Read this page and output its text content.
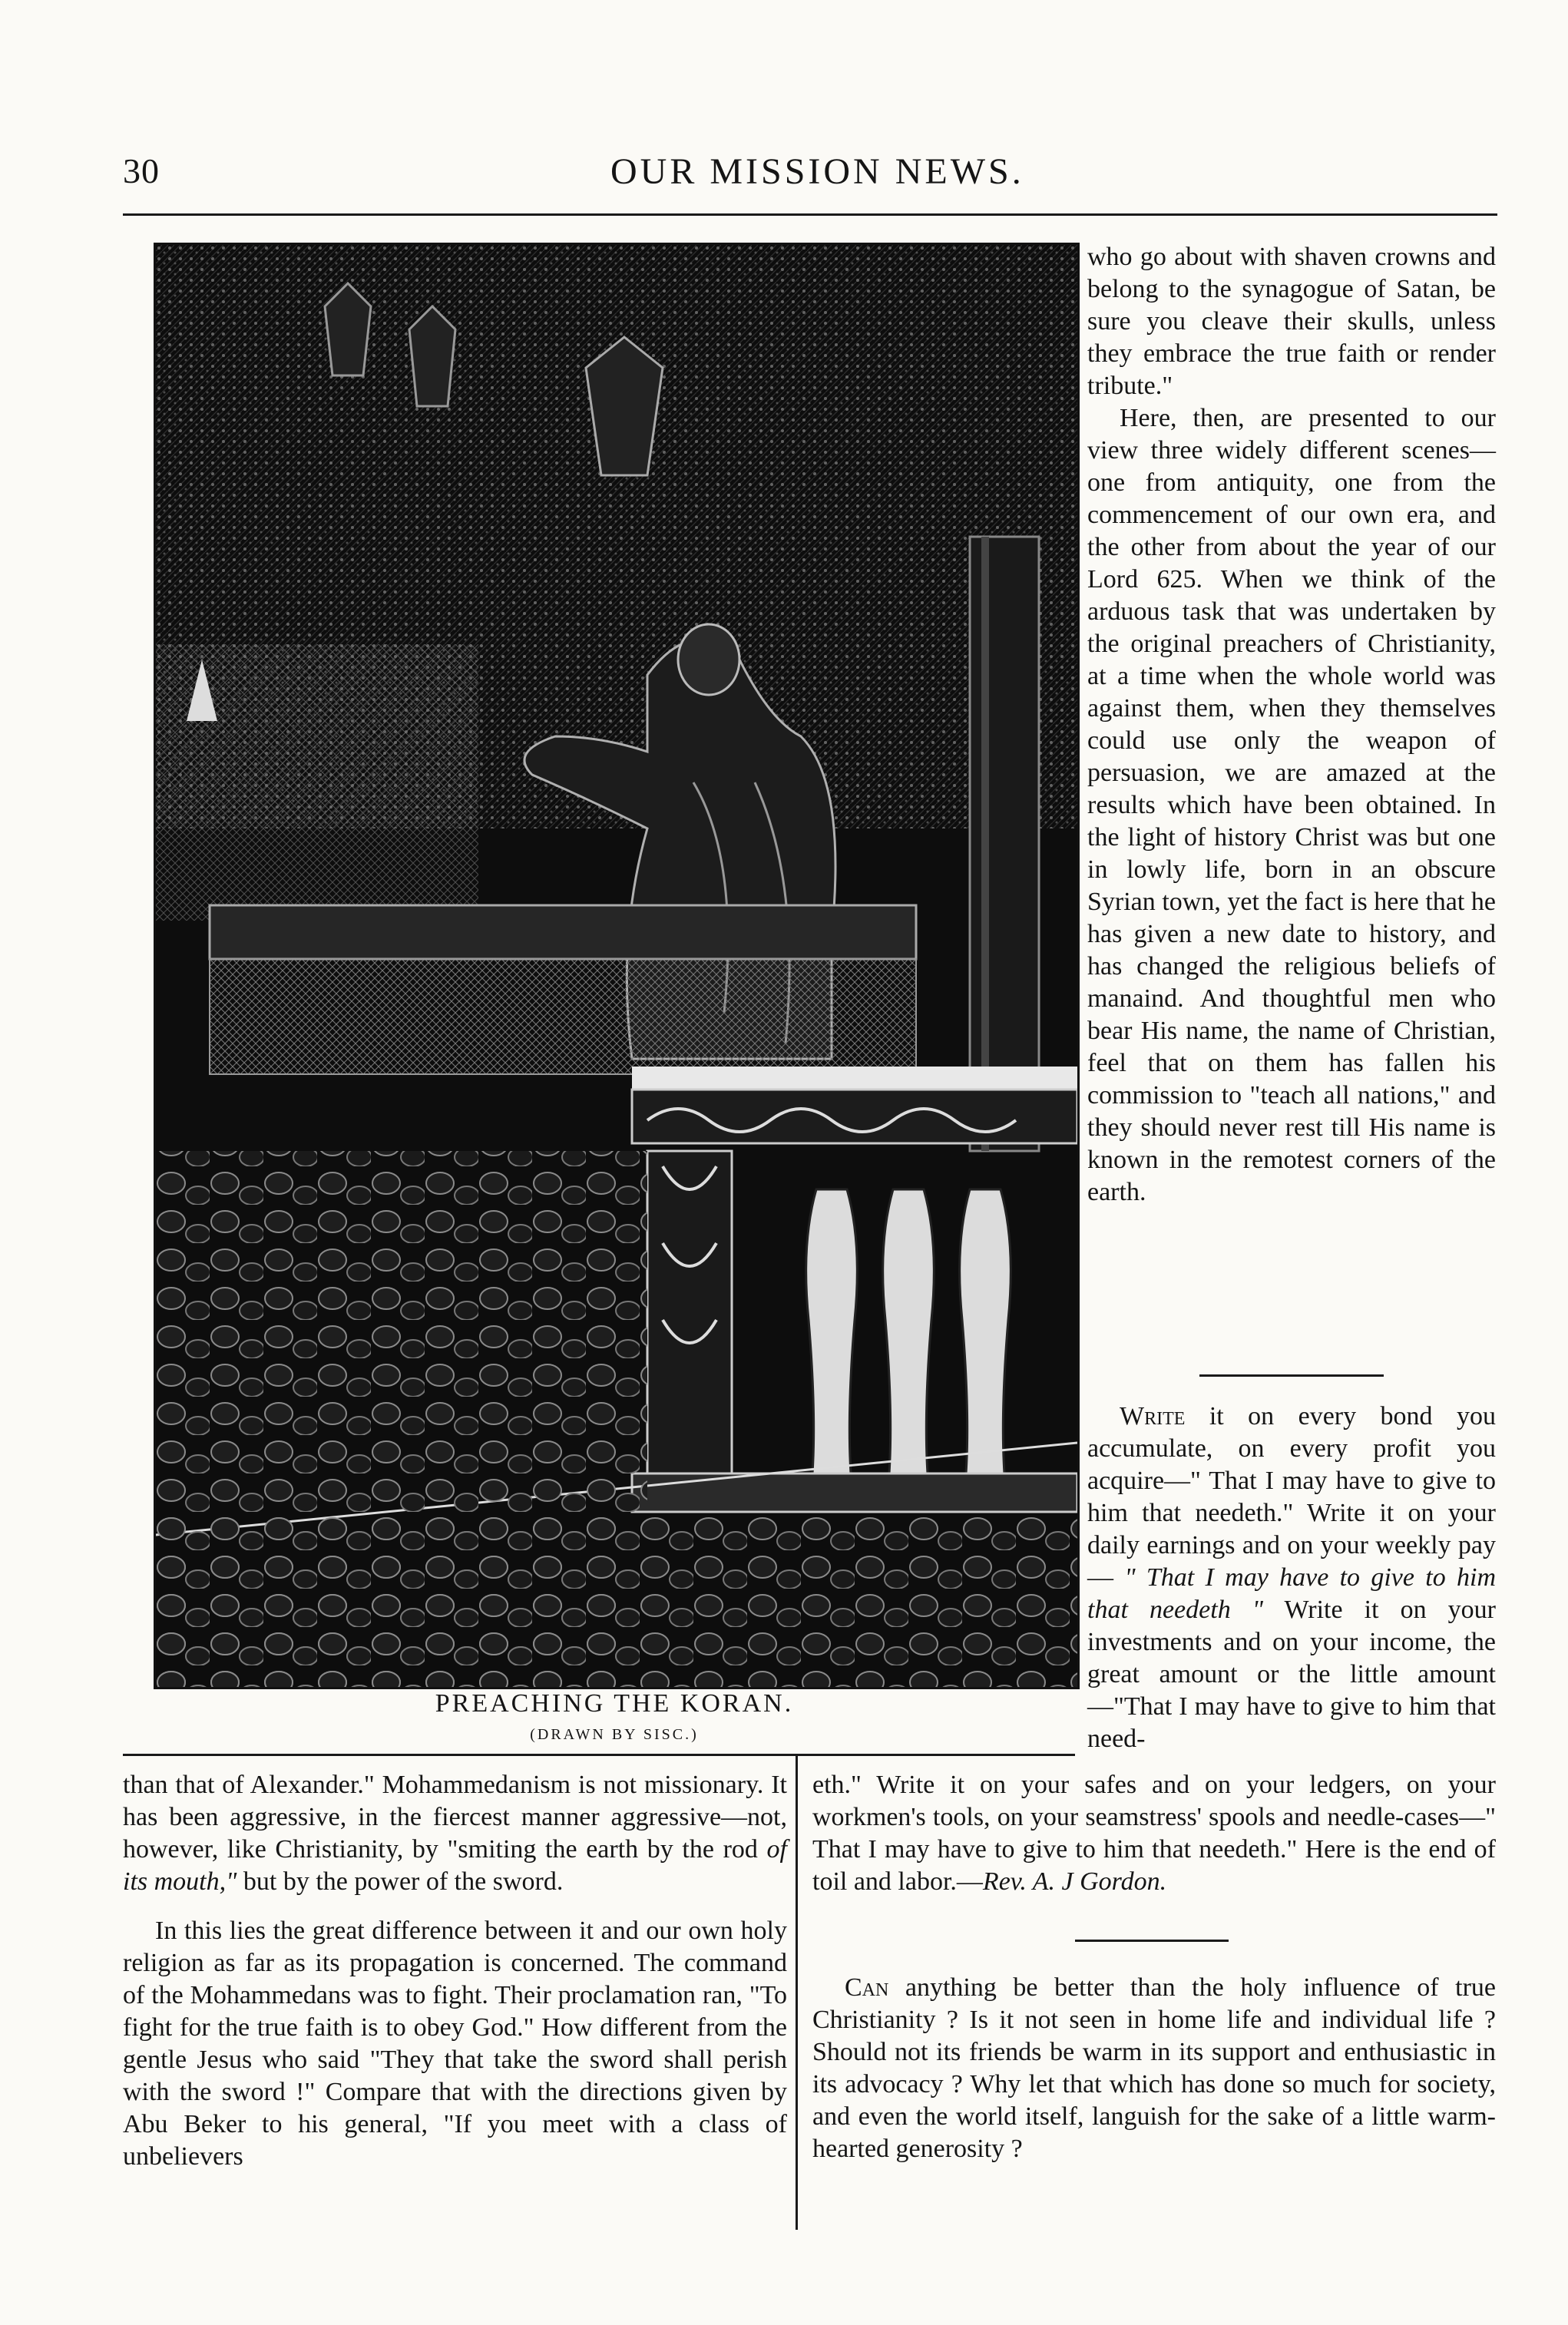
30	OUR MISSION NEWS.
PREACHING THE KORAN.
(DRAWN BY SISC.)

who go about with shaven crowns and belong to the synagogue of Satan, be sure you cleave their skulls, unless they embrace the true faith or render tribute."

Here, then, are presented to our view three widely different scenes—one from antiquity, one from the commencement of our own era, and the other from about the year of our Lord 625. When we think of the arduous task that was undertaken by the original preachers of Christianity, at a time when the whole world was against them, when they themselves could use only the weapon of persuasion, we are amazed at the results which have been obtained. In the light of history Christ was but one in lowly life, born in an obscure Syrian town, yet the fact is here that he has given a new date to history, and has changed the religious beliefs of manaind. And thoughtful men who bear His name, the name of Christian, feel that on them has fallen his commission to "teach all nations," and they should never rest till His name is known in the remotest corners of the earth.

Write it on every bond you accumulate, on every profit you acquire—" That I may have to give to him that needeth." Write it on your daily earnings and on your weekly pay— " That I may have to give to him that needeth " Write it on your investments and on your income, the great amount or the little amount—"That I may have to give to him that need-

than that of Alexander." Mohammedanism is not missionary. It has been aggressive, in the fiercest manner aggressive—not, however, like Christianity, by "smiting the earth by the rod of its mouth," but by the power of the sword.

In this lies the great difference between it and our own holy religion as far as its propagation is concerned. The command of the Mohammedans was to fight. Their proclamation ran, "To fight for the true faith is to obey God." How different from the gentle Jesus who said "They that take the sword shall perish with the sword !" Compare that with the directions given by Abu Beker to his general, "If you meet with a class of unbelievers

eth." Write it on your safes and on your ledgers, on your workmen's tools, on your seamstress' spools and needle-cases—" That I may have to give to him that needeth." Here is the end of toil and labor.—Rev. A. J Gordon.

Can anything be better than the holy influence of true Christianity ? Is it not seen in home life and individual life ? Should not its friends be warm in its support and enthusiastic in its advocacy ? Why let that which has done so much for society, and even the world itself, languish for the sake of a little warm-hearted generosity ?
